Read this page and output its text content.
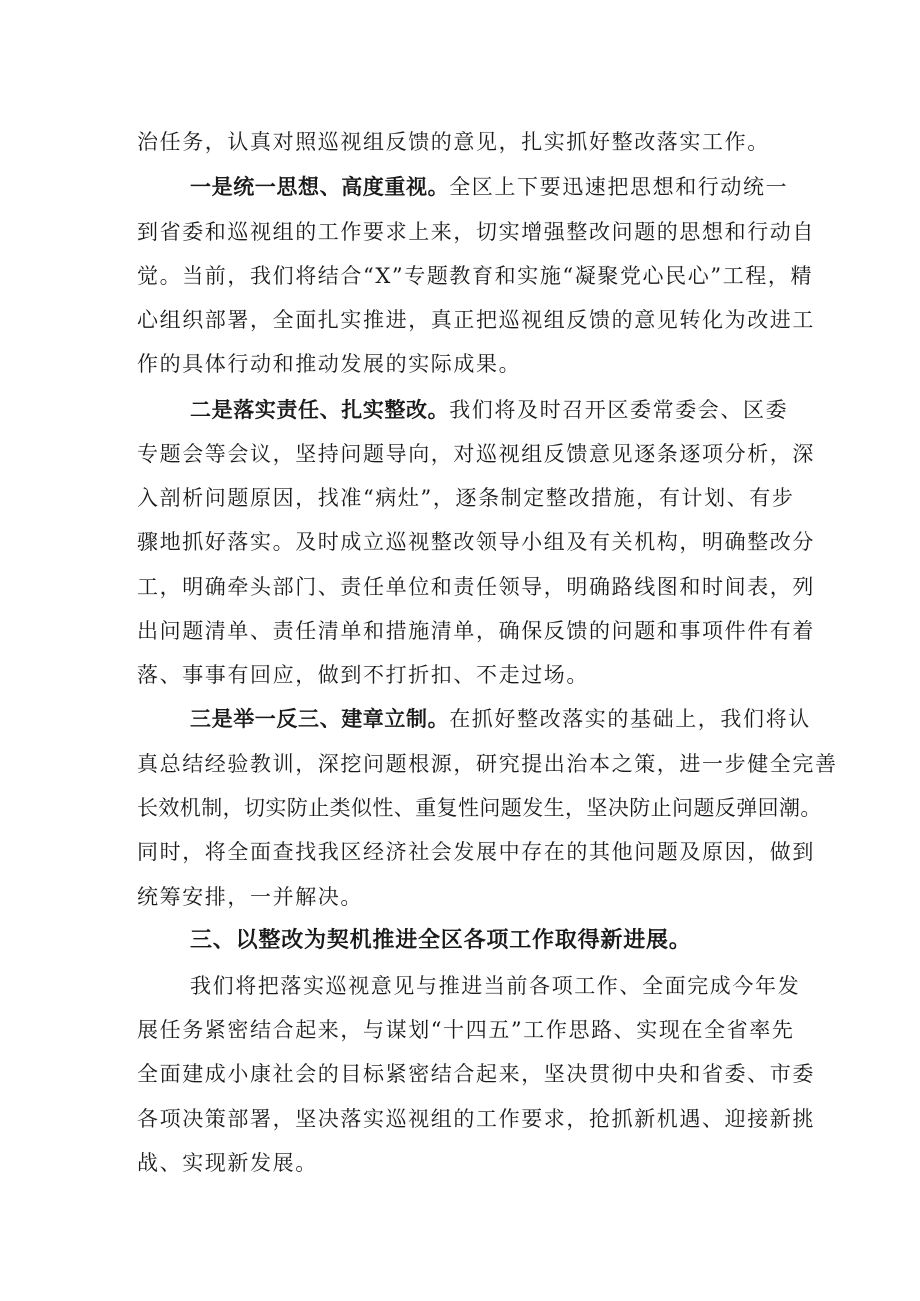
治任务，认真对照巡视组反馈的意见，扎实抓好整改落实工作。
一是统一思想、高度重视。全区上下要迅速把思想和行动统一
到省委和巡视组的工作要求上来，切实增强整改问题的思想和行动自
觉。当前，我们将结合“X”专题教育和实施“凝聚党心民心”工程，精
心组织部署，全面扎实推进，真正把巡视组反馈的意见转化为改进工
作的具体行动和推动发展的实际成果。
二是落实责任、扎实整改。我们将及时召开区委常委会、区委
专题会等会议，坚持问题导向，对巡视组反馈意见逐条逐项分析，深
入剖析问题原因，找准“病灶”，逐条制定整改措施，有计划、有步
骤地抓好落实。及时成立巡视整改领导小组及有关机构，明确整改分
工，明确牵头部门、责任单位和责任领导，明确路线图和时间表，列
出问题清单、责任清单和措施清单，确保反馈的问题和事项件件有着
落、事事有回应，做到不打折扣、不走过场。
三是举一反三、建章立制。在抓好整改落实的基础上，我们将认
真总结经验教训，深挖问题根源，研究提出治本之策，进一步健全完善
长效机制，切实防止类似性、重复性问题发生，坚决防止问题反弹回潮。
同时，将全面查找我区经济社会发展中存在的其他问题及原因，做到
统筹安排，一并解决。
三、以整改为契机推进全区各项工作取得新进展。
我们将把落实巡视意见与推进当前各项工作、全面完成今年发
展任务紧密结合起来，与谋划“十四五”工作思路、实现在全省率先
全面建成小康社会的目标紧密结合起来，坚决贯彻中央和省委、市委
各项决策部署，坚决落实巡视组的工作要求，抢抓新机遇、迎接新挑
战、实现新发展。
